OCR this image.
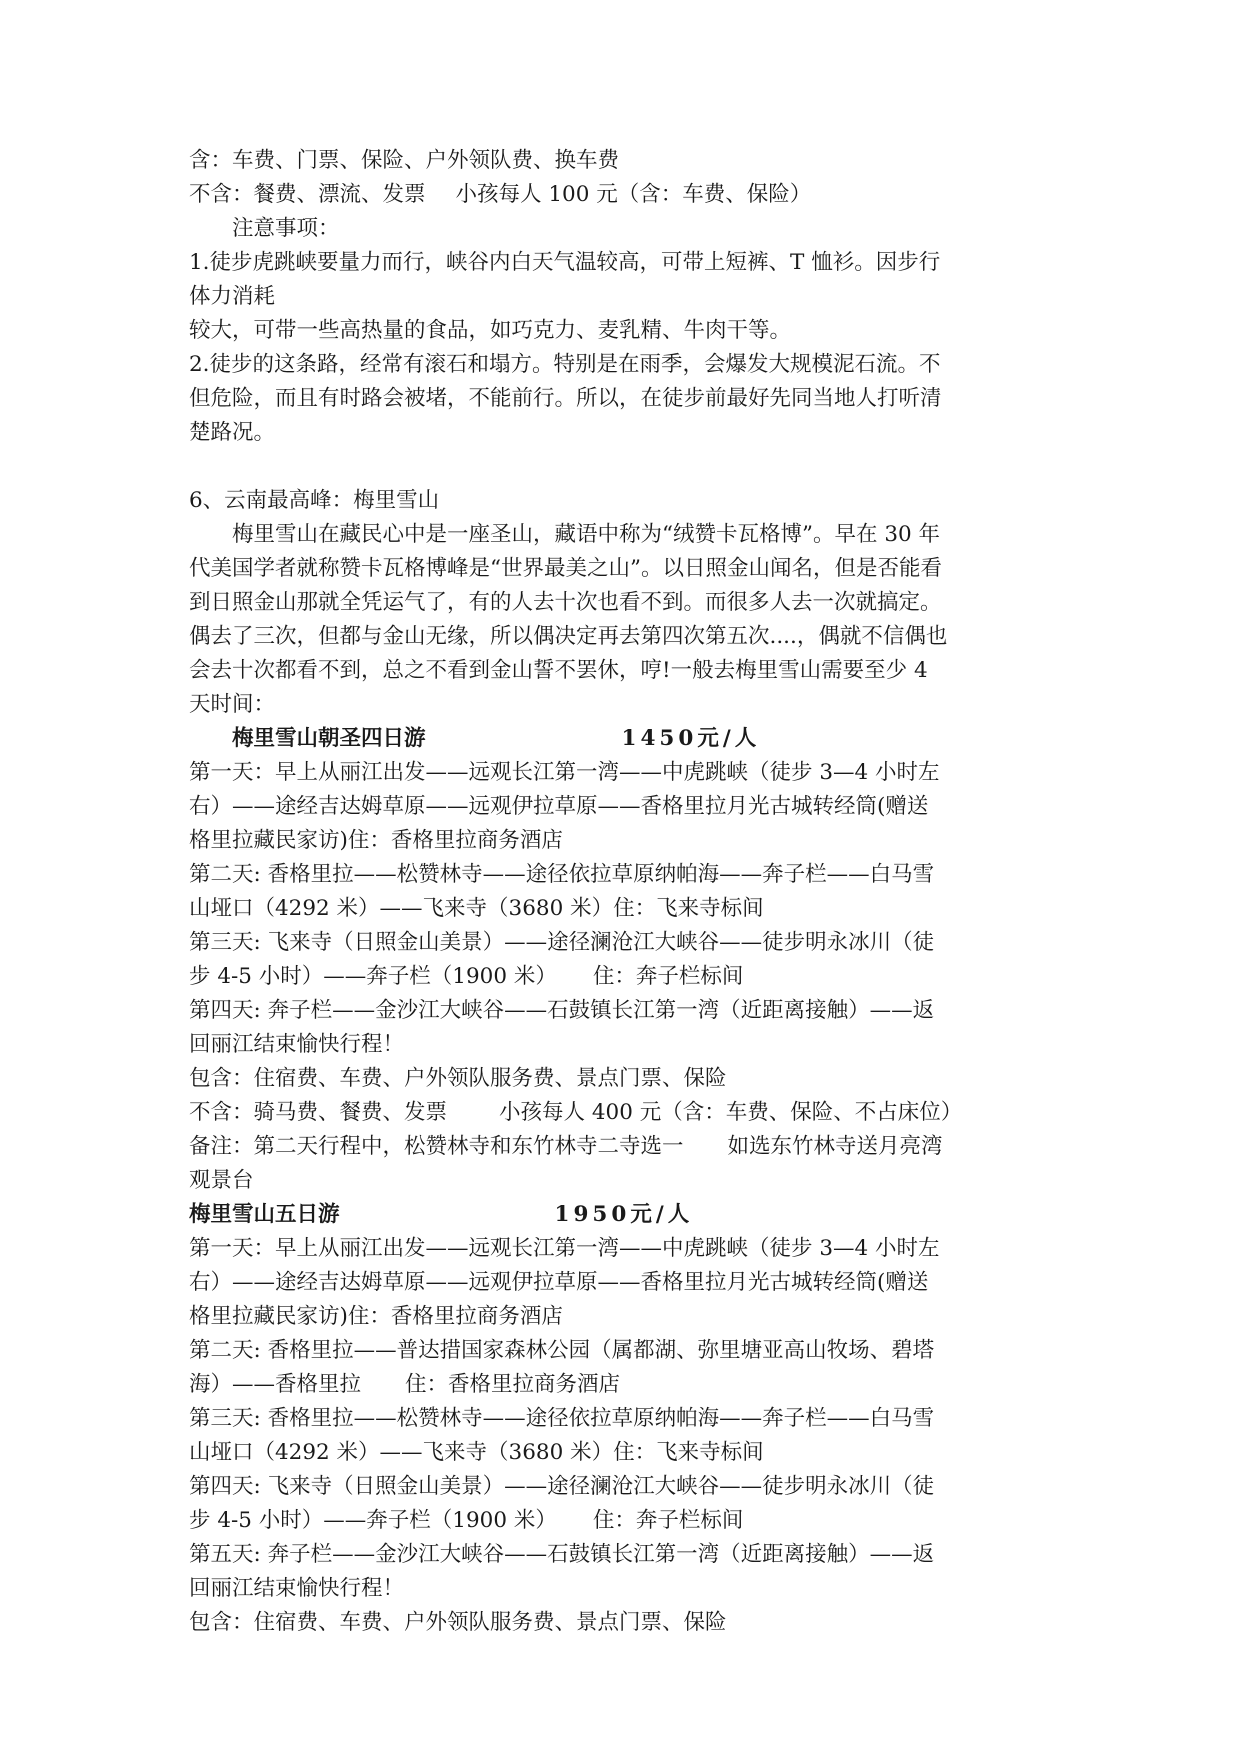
含：车费、门票、保险、户外领队费、换车费
不含：餐费、漂流、发票 小孩每人 100 元（含：车费、保险）
注意事项：
1.徒步虎跳峡要量力而行，峡谷内白天气温较高，可带上短裤、T 恤衫。因步行
体力消耗
较大，可带一些高热量的食品，如巧克力、麦乳精、牛肉干等。
2.徒步的这条路，经常有滚石和塌方。特别是在雨季，会爆发大规模泥石流。不
但危险，而且有时路会被堵，不能前行。所以，在徒步前最好先同当地人打听清
楚路况。
6、云南最高峰：梅里雪山
梅里雪山在藏民心中是一座圣山，藏语中称为“绒赞卡瓦格博”。早在 30 年
代美国学者就称赞卡瓦格博峰是“世界最美之山”。以日照金山闻名，但是否能看
到日照金山那就全凭运气了，有的人去十次也看不到。而很多人去一次就搞定。
偶去了三次，但都与金山无缘，所以偶决定再去第四次第五次....，偶就不信偶也
会去十次都看不到，总之不看到金山誓不罢休，哼!一般去梅里雪山需要至少 4
天时间：
梅里雪山朝圣四日游	1450元/人
第一天：早上从丽江出发——远观长江第一湾——中虎跳峡（徒步 3—4 小时左
右）——途经吉达姆草原——远观伊拉草原——香格里拉月光古城转经筒(赠送
格里拉藏民家访)住：香格里拉商务酒店
第二天: 香格里拉——松赞林寺——途径依拉草原纳帕海——奔子栏——白马雪
山垭口（4292 米）——飞来寺（3680 米）住：飞来寺标间
第三天: 飞来寺（日照金山美景）——途径澜沧江大峡谷——徒步明永冰川（徒
步 4-5 小时）——奔子栏（1900 米） 住：奔子栏标间
第四天: 奔子栏——金沙江大峡谷——石鼓镇长江第一湾（近距离接触）——返
回丽江结束愉快行程！
包含：住宿费、车费、户外领队服务费、景点门票、保险
不含：骑马费、餐费、发票 小孩每人 400 元（含：车费、保险、不占床位）
备注：第二天行程中，松赞林寺和东竹林寺二寺选一 如选东竹林寺送月亮湾
观景台
梅里雪山五日游	1950元/人
第一天：早上从丽江出发——远观长江第一湾——中虎跳峡（徒步 3—4 小时左
右）——途经吉达姆草原——远观伊拉草原——香格里拉月光古城转经筒(赠送
格里拉藏民家访)住：香格里拉商务酒店
第二天: 香格里拉——普达措国家森林公园（属都湖、弥里塘亚高山牧场、碧塔
海）——香格里拉 住：香格里拉商务酒店
第三天: 香格里拉——松赞林寺——途径依拉草原纳帕海——奔子栏——白马雪
山垭口（4292 米）——飞来寺（3680 米）住：飞来寺标间
第四天: 飞来寺（日照金山美景）——途径澜沧江大峡谷——徒步明永冰川（徒
步 4-5 小时）——奔子栏（1900 米） 住：奔子栏标间
第五天: 奔子栏——金沙江大峡谷——石鼓镇长江第一湾（近距离接触）——返
回丽江结束愉快行程！
包含：住宿费、车费、户外领队服务费、景点门票、保险
